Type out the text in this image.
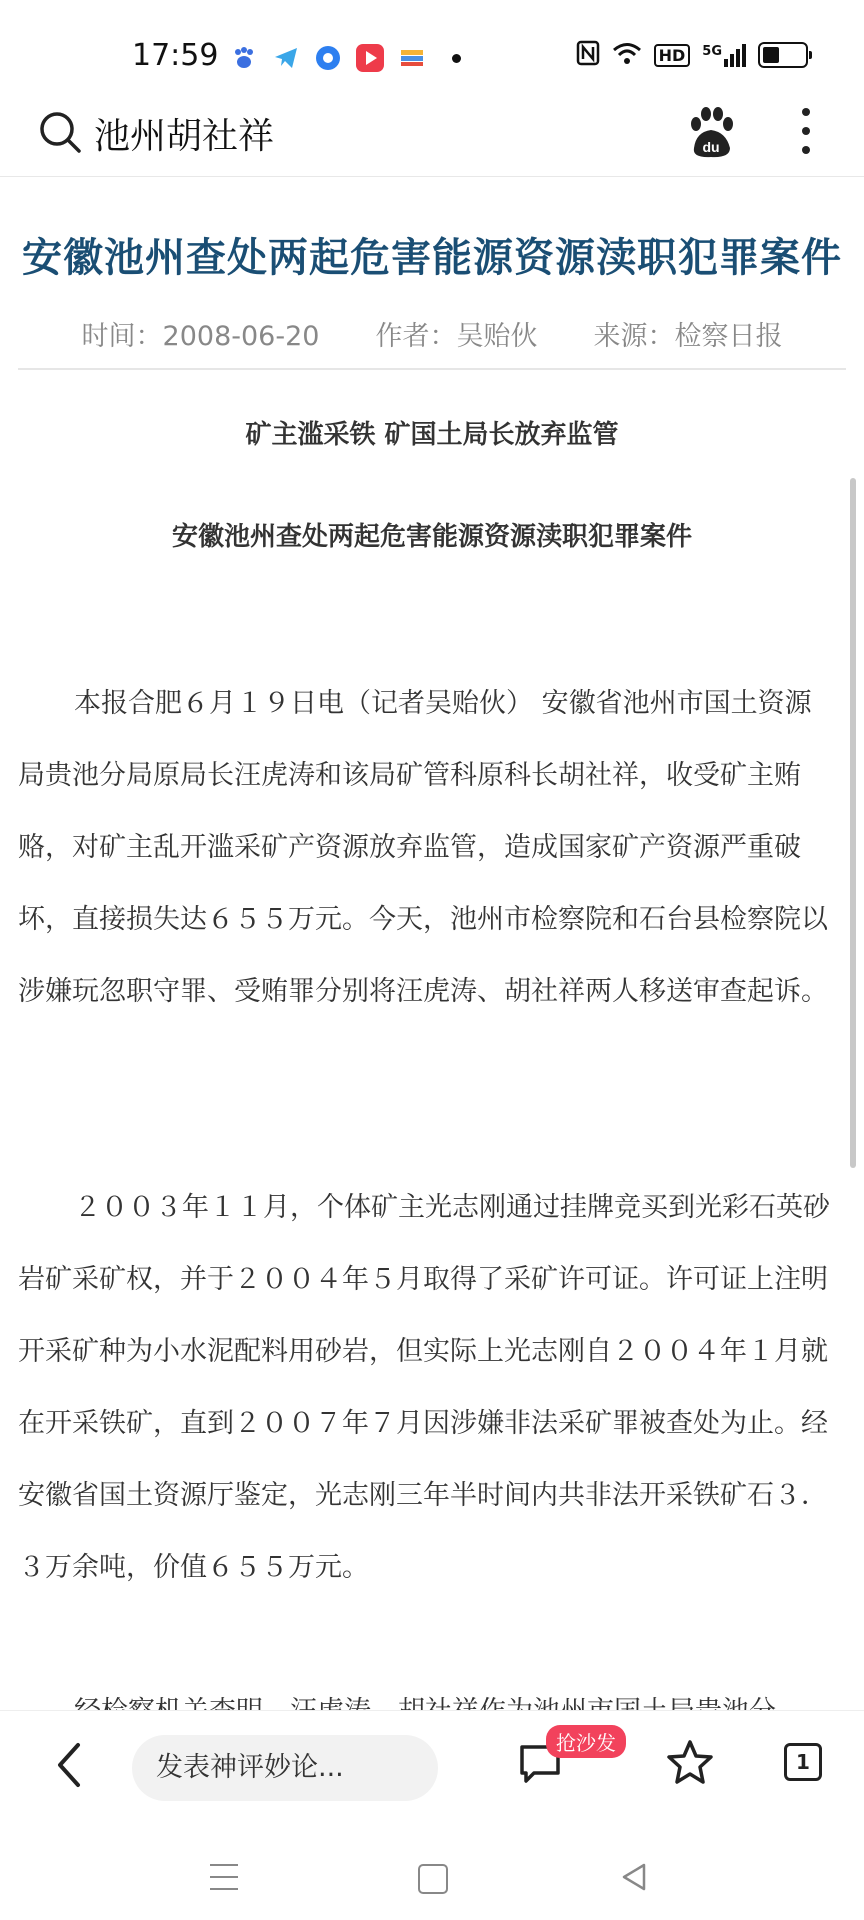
17:59	HD	5G
池州胡社祥	du
安徽池州查处两起危害能源资源渎职犯罪案件
时间：2008-06-20 作者：吴贻伙 来源：检察日报
矿主滥采铁 矿国土局长放弃监管
安徽池州查处两起危害能源资源渎职犯罪案件

本报合肥６月１９日电（记者吴贻伙） 安徽省池州市国土资源局贵池分局原局长汪虎涛和该局矿管科原科长胡社祥，收受矿主贿赂，对矿主乱开滥采矿产资源放弃监管，造成国家矿产资源严重破坏，直接损失达６５５万元。今天，池州市检察院和石台县检察院以涉嫌玩忽职守罪、受贿罪分别将汪虎涛、胡社祥两人移送审查起诉。

２００３年１１月，个体矿主光志刚通过挂牌竞买到光彩石英砂岩矿采矿权，并于２００４年５月取得了采矿许可证。许可证上注明开采矿种为小水泥配料用砂岩，但实际上光志刚自２００４年１月就在开采铁矿，直到２００７年７月因涉嫌非法采矿罪被查处为止。经安徽省国土资源厅鉴定，光志刚三年半时间内共非法开采铁矿石３． ３万余吨，价值６５５万元。

发表神评妙论...
抢沙发
1
